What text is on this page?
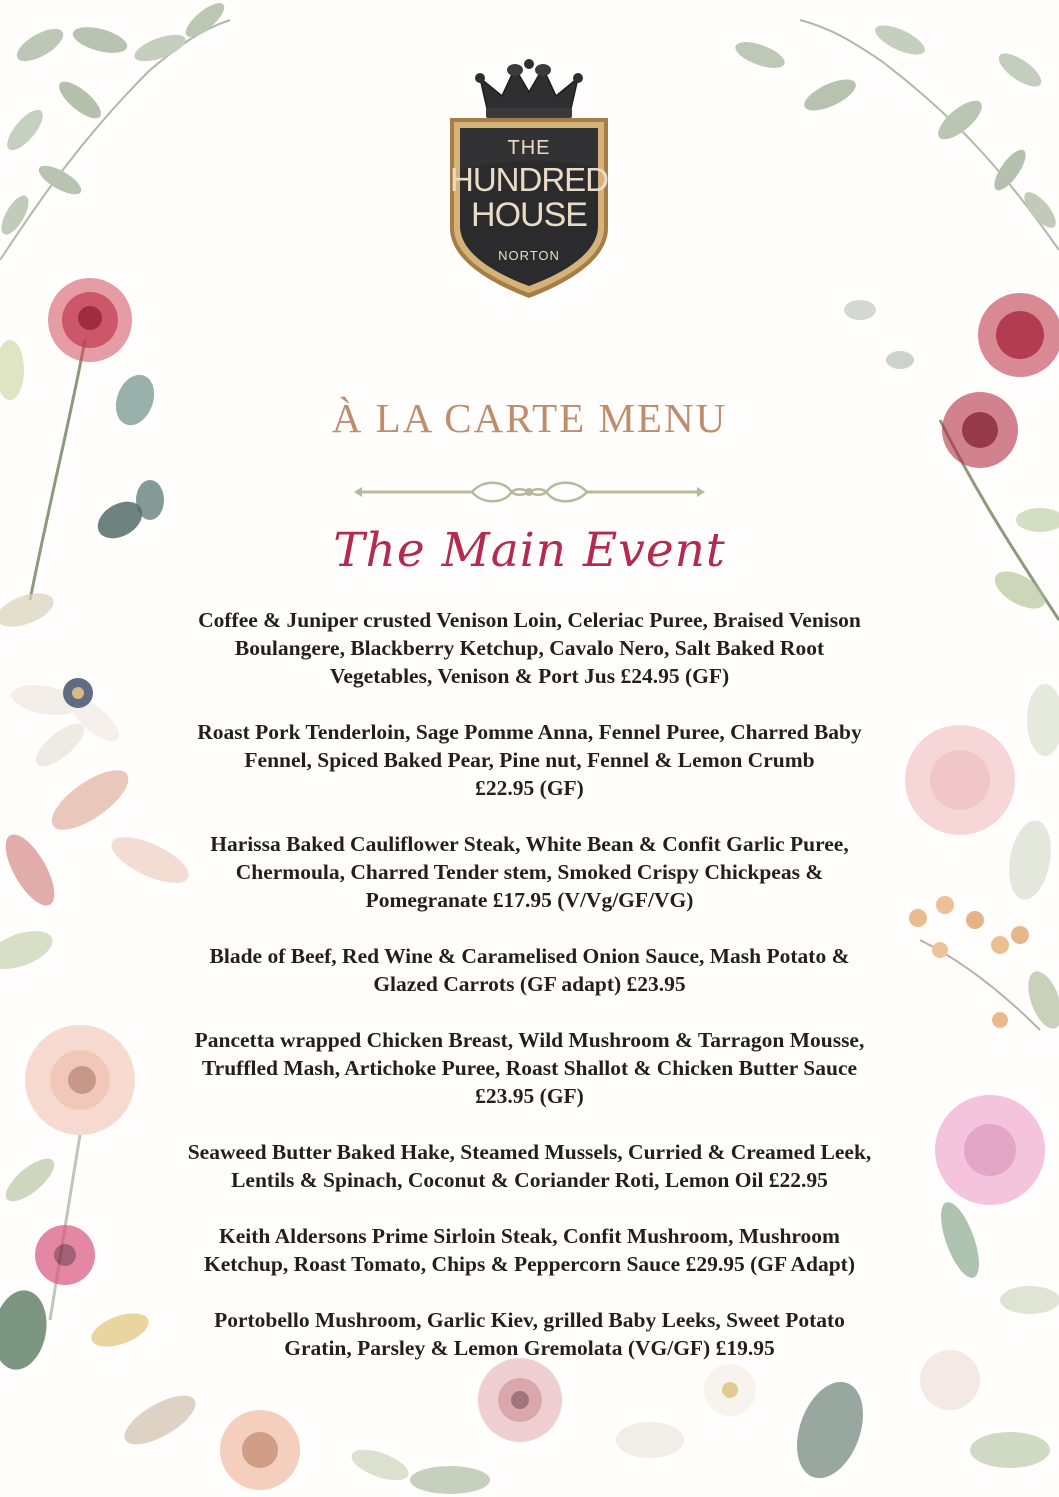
THE
HUNDRED
HOUSE
NORTON
À LA CARTE MENU
The Main Event
Coffee & Juniper crusted Venison Loin, Celeriac Puree, Braised Venison
Boulangere, Blackberry Ketchup, Cavalo Nero, Salt Baked Root
Vegetables, Venison & Port Jus £24.95 (GF)
Roast Pork Tenderloin, Sage Pomme Anna, Fennel Puree, Charred Baby
Fennel, Spiced Baked Pear, Pine nut, Fennel & Lemon Crumb
£22.95 (GF)
Harissa Baked Cauliflower Steak, White Bean & Confit Garlic Puree,
Chermoula, Charred Tender stem, Smoked Crispy Chickpeas &
Pomegranate £17.95 (V/Vg/GF/VG)
Blade of Beef, Red Wine & Caramelised Onion Sauce, Mash Potato &
Glazed Carrots (GF adapt) £23.95
Pancetta wrapped Chicken Breast, Wild Mushroom & Tarragon Mousse,
Truffled Mash, Artichoke Puree, Roast Shallot & Chicken Butter Sauce
£23.95 (GF)
Seaweed Butter Baked Hake, Steamed Mussels, Curried & Creamed Leek,
Lentils & Spinach, Coconut & Coriander Roti, Lemon Oil £22.95
Keith Aldersons Prime Sirloin Steak, Confit Mushroom, Mushroom
Ketchup, Roast Tomato, Chips & Peppercorn Sauce £29.95 (GF Adapt)
Portobello Mushroom, Garlic Kiev, grilled Baby Leeks, Sweet Potato
Gratin, Parsley & Lemon Gremolata (VG/GF) £19.95
